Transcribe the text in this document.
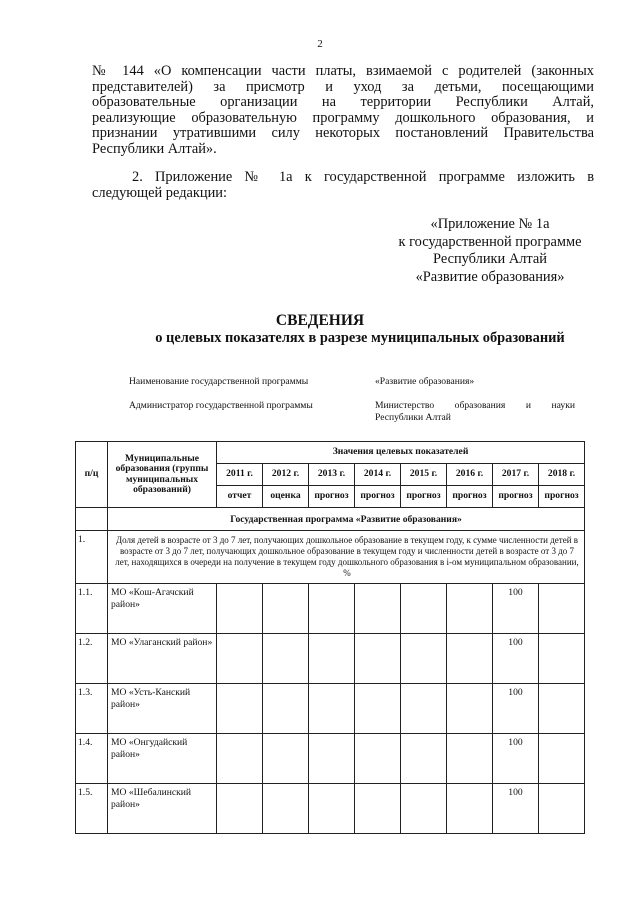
2
№ 144 «О компенсации части платы, взимаемой с родителей (законных
представителей) за присмотр и уход за детьми, посещающими
образовательные организации на территории Республики Алтай,
реализующие образовательную программу дошкольного образования, и
признании утратившими силу некоторых постановлений Правительства
Республики Алтай».
2. Приложение № 1а к государственной программе изложить в
следующей редакции:
«Приложение № 1а
к государственной программе
Республики Алтай
«Развитие образования»
СВЕДЕНИЯ
о целевых показателях в разрезе муниципальных образований
Наименование государственной программы	«Развитие образования»
Администратор государственной программы	Министерство образования и науки
Республики Алтай
п/ц	Муниципальные образования (группы муниципальных образований)	Значения целевых показателей							
		2011 г.	2012 г.	2013 г.	2014 г.	2015 г.	2016 г.	2017 г.	2018 г.
		отчет	оценка	прогноз	прогноз	прогноз	прогноз	прогноз	прогноз
	Государственная программа «Развитие образования»								
1.	Доля детей в возрасте от 3 до 7 лет, получающих дошкольное образование в текущем году, к сумме численности детей в возрасте от 3 до 7 лет, получающих дошкольное образование в текущем году и численности детей в возрасте от 3 до 7 лет, находящихся в очереди на получение в текущем году дошкольного образования в i-ом муниципальном образовании, %								
1.1.	МО «Кош-Агачский район»							100	
1.2.	МО «Улаганский район»							100	
1.3.	МО «Усть-Канский район»							100	
1.4.	МО «Онгудайский район»							100	
1.5.	МО «Шебалинский район»							100	
